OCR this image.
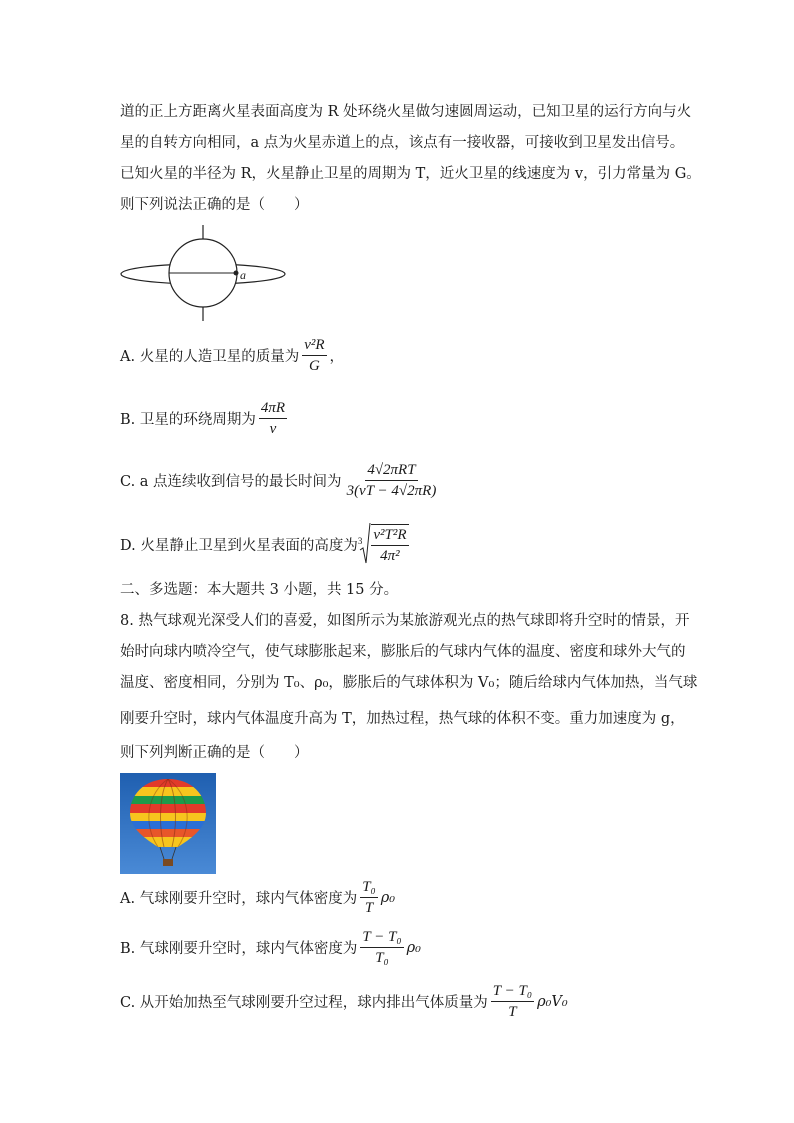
道的正上方距离火星表面高度为 R 处环绕火星做匀速圆周运动，已知卫星的运行方向与火
星的自转方向相同，a 点为火星赤道上的点，该点有一接收器，可接收到卫星发出信号。
已知火星的半径为 R，火星静止卫星的周期为 T，近火卫星的线速度为 v，引力常量为 G。
则下列说法正确的是（　　）
a
A. 火星的人造卫星的质量为 $\frac{\text{v²R}}{G}$ ，
B. 卫星的环绕周期为 $\frac{4\pi R}{v}$
C. a 点连续收到信号的最长时间为 $\frac{\text{4√2πRT}}{3(vT - 4√2\pi R)}$
D. 火星静止卫星到火星表面的高度为 $3 \frac{\text{v²T²R}}{\text{4π²}}$
二、多选题：本大题共 3 小题，共 15 分。
8. 热气球观光深受人们的喜爱，如图所示为某旅游观光点的热气球即将升空时的情景，开
始时向球内喷冷空气，使气球膨胀起来，膨胀后的气球内气体的温度、密度和球外大气的
温度、密度相同，分别为 T₀、ρ₀，膨胀后的气球体积为 V₀；随后给球内气体加热，当气球
刚要升空时，球内气体温度升高为 T，加热过程，热气球的体积不变。重力加速度为 g，
则下列判断正确的是（　　）
A. 气球刚要升空时，球内气体密度为 $\frac{\text{T₀}}{T} \rho_0$
B. 气球刚要升空时，球内气体密度为 $\frac{\text{T − T₀}}{\text{T₀}} \rho_0$
C. 从开始加热至气球刚要升空过程，球内排出气体质量为 $\frac{\text{T − T₀}}{T} \rho_0V_0$
